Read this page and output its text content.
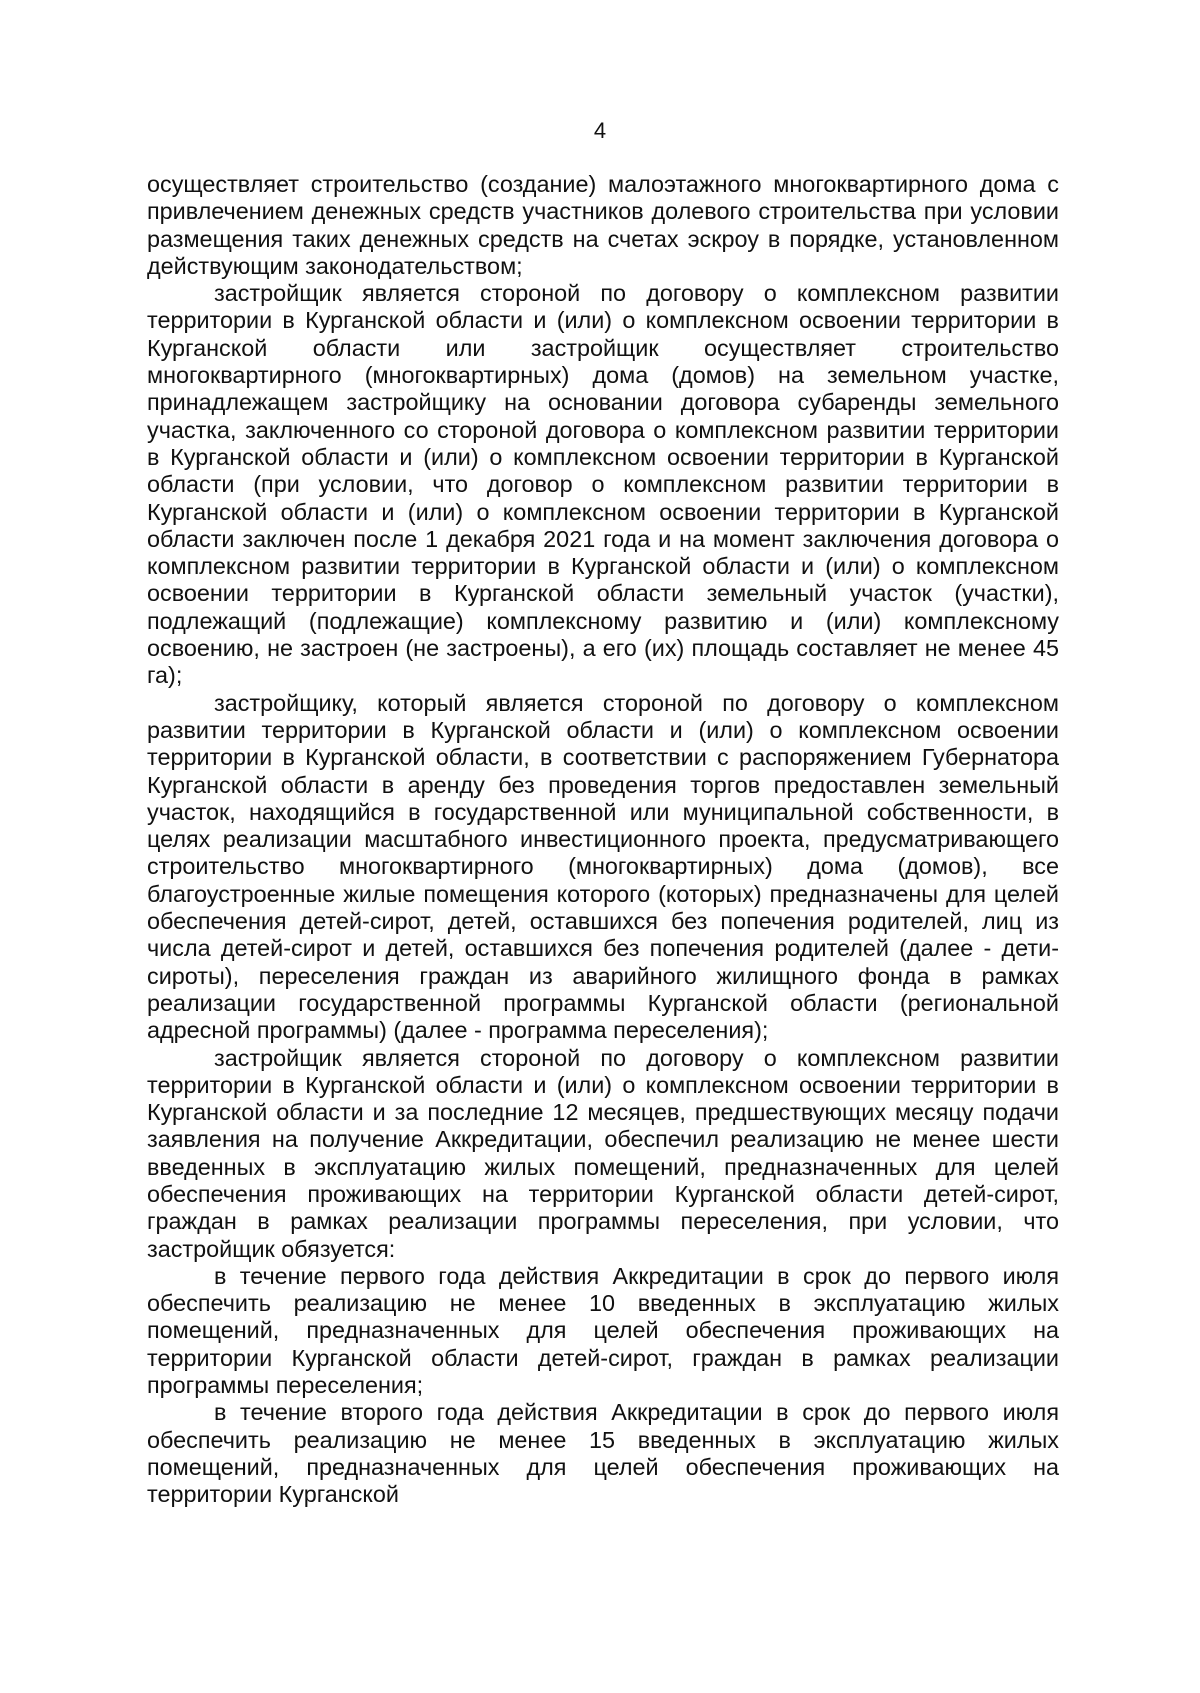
4

осуществляет строительство (создание) малоэтажного многоквартирного дома с привлечением денежных средств участников долевого строительства при условии размещения таких денежных средств на счетах эскроу в порядке, установленном действующим законодательством;

застройщик является стороной по договору о комплексном развитии территории в Курганской области и (или) о комплексном освоении территории в Курганской области или застройщик осуществляет строительство многоквартирного (многоквартирных) дома (домов) на земельном участке, принадлежащем застройщику на основании договора субаренды земельного участка, заключенного со стороной договора о комплексном развитии территории в Курганской области и (или) о комплексном освоении территории в Курганской области (при условии, что договор о комплексном развитии территории в Курганской области и (или) о комплексном освоении территории в Курганской области заключен после 1 декабря 2021 года и на момент заключения договора о комплексном развитии территории в Курганской области и (или) о комплексном освоении территории в Курганской области земельный участок (участки), подлежащий (подлежащие) комплексному развитию и (или) комплексному освоению, не застроен (не застроены), а его (их) площадь составляет не менее 45 га);

застройщику, который является стороной по договору о комплексном развитии территории в Курганской области и (или) о комплексном освоении территории в Курганской области, в соответствии с распоряжением Губернатора Курганской области в аренду без проведения торгов предоставлен земельный участок, находящийся в государственной или муниципальной собственности, в целях реализации масштабного инвестиционного проекта, предусматривающего строительство многоквартирного (многоквартирных) дома (домов), все благоустроенные жилые помещения которого (которых) предназначены для целей обеспечения детей-сирот, детей, оставшихся без попечения родителей, лиц из числа детей-сирот и детей, оставшихся без попечения родителей (далее - дети-сироты), переселения граждан из аварийного жилищного фонда в рамках реализации государственной программы Курганской области (региональной адресной программы) (далее - программа переселения);

застройщик является стороной по договору о комплексном развитии территории в Курганской области и (или) о комплексном освоении территории в Курганской области и за последние 12 месяцев, предшествующих месяцу подачи заявления на получение Аккредитации, обеспечил реализацию не менее шести введенных в эксплуатацию жилых помещений, предназначенных для целей обеспечения проживающих на территории Курганской области детей-сирот, граждан в рамках реализации программы переселения, при условии, что застройщик обязуется:

в течение первого года действия Аккредитации в срок до первого июля обеспечить реализацию не менее 10 введенных в эксплуатацию жилых помещений, предназначенных для целей обеспечения проживающих на территории Курганской области детей-сирот, граждан в рамках реализации программы переселения;

в течение второго года действия Аккредитации в срок до первого июля обеспечить реализацию не менее 15 введенных в эксплуатацию жилых помещений, предназначенных для целей обеспечения проживающих на территории Курганской
